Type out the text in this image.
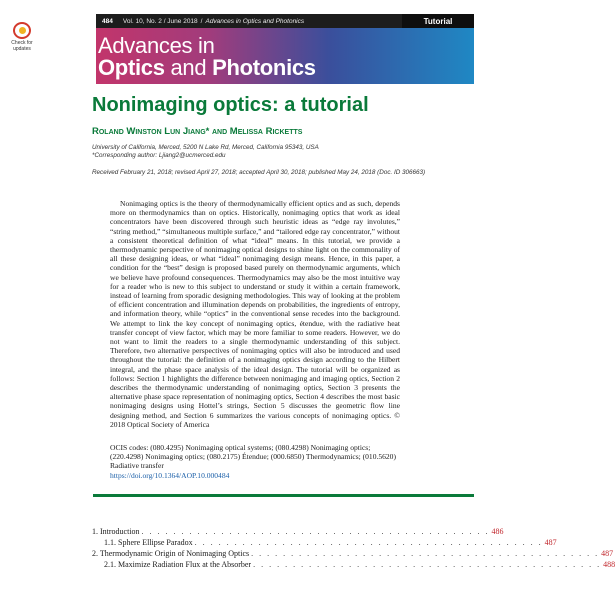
Check for updates
484 Vol. 10, No. 2 / June 2018 / Advances in Optics and Photonics	Tutorial
Advances in
Optics and Photonics
Nonimaging optics: a tutorial
Roland Winston Lun Jiang* and Melissa Ricketts
University of California, Merced, 5200 N Lake Rd, Merced, California 95343, USA
*Corresponding author: Ljiang2@ucmerced.edu
Received February 21, 2018; revised April 27, 2018; accepted April 30, 2018; published May 24, 2018 (Doc. ID 306663)

Nonimaging optics is the theory of thermodynamically efficient optics and as such, depends more on thermodynamics than on optics. Historically, nonimaging optics that work as ideal concentrators have been discovered through such heuristic ideas as “edge ray involutes,” “string method,” “simultaneous multiple surface,” and “tailored edge ray concentrator,” without a consistent theoretical definition of what “ideal” means. In this tutorial, we provide a thermodynamic perspective of nonimaging optical designs to shine light on the commonality of all these designing ideas, or what “ideal” nonimaging design means. Hence, in this paper, a condition for the “best” design is proposed based purely on thermodynamic arguments, which we believe have profound consequences. Thermodynamics may also be the most intuitive way for a reader who is new to this subject to understand or study it within a certain framework, instead of learning from sporadic designing methodologies. This way of looking at the problem of efficient concentration and illumination depends on probabilities, the ingredients of entropy, and information theory, while “optics” in the conventional sense recedes into the background. We attempt to link the key concept of nonimaging optics, étendue, with the radiative heat transfer concept of view factor, which may be more familiar to some readers. However, we do not want to limit the readers to a single thermodynamic understanding of this subject. Therefore, two alternative perspectives of nonimaging optics will also be introduced and used throughout the tutorial: the definition of a nonimaging optics design according to the Hilbert integral, and the phase space analysis of the ideal design. The tutorial will be organized as follows: Section 1 highlights the difference between nonimaging and imaging optics, Section 2 describes the thermodynamic understanding of nonimaging optics, Section 3 presents the alternative phase space representation of nonimaging optics, Section 4 describes the most basic nonimaging designs using Hottel’s strings, Section 5 discusses the geometric flow line designing method, and Section 6 summarizes the various concepts of nonimaging optics. © 2018 Optical Society of America

OCIS codes: (080.4295) Nonimaging optical systems; (080.4298) Nonimaging optics; (220.4298) Nonimaging optics; (080.2175) Étendue; (000.6850) Thermodynamics; (010.5620) Radiative transfer
https://doi.org/10.1364/AOP.10.000484
1. Introduction . . . . . . . . . . . . . . . . . . . . . . . . . . . . . . . . . . . . . . . . . . . . 486
1.1. Sphere Ellipse Paradox . . . . . . . . . . . . . . . . . . . . . . . . . . . . . . . . . . . . . . . . . . . . 487
2. Thermodynamic Origin of Nonimaging Optics . . . . . . . . . . . . . . . . . . . . . . . . . . . . . . . . . . . . . . . . . . . . 487
2.1. Maximize Radiation Flux at the Absorber . . . . . . . . . . . . . . . . . . . . . . . . . . . . . . . . . . . . . . . . . . . . 488
